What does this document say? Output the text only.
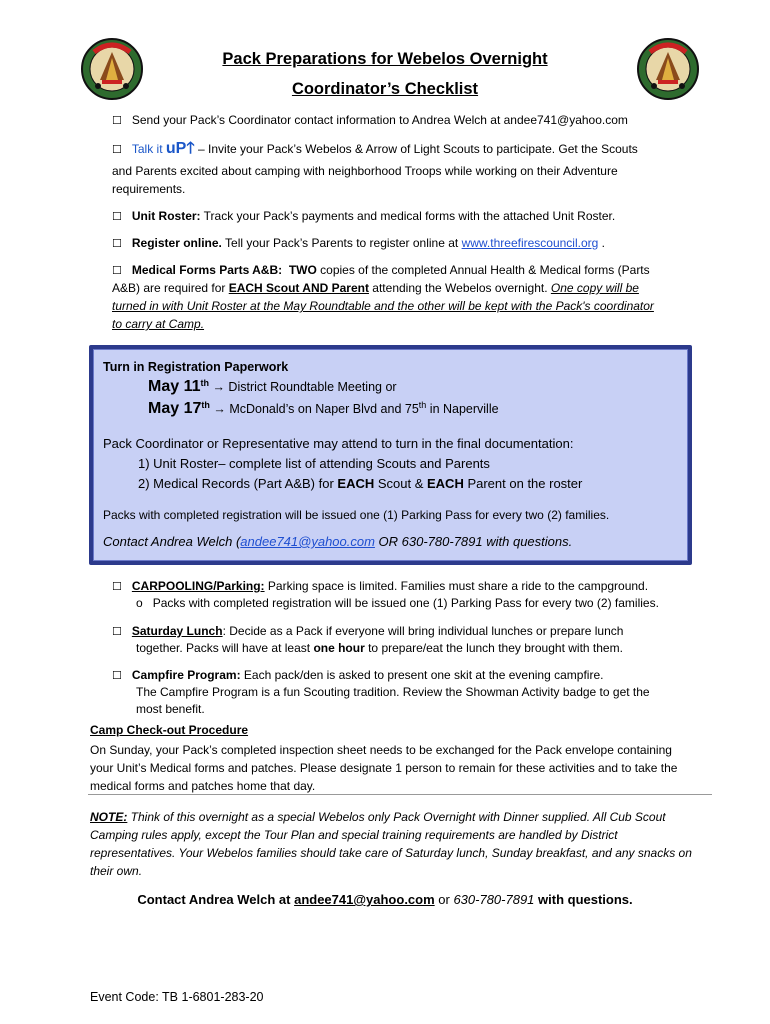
Pack Preparations for Webelos Overnight
Coordinator’s Checklist
☐ Send your Pack’s Coordinator contact information to Andrea Welch at andee741@yahoo.com
☐ Talk it uP🡑 – Invite your Pack’s Webelos & Arrow of Light Scouts to participate. Get the Scouts
and Parents excited about camping with neighborhood Troops while working on their Adventure
requirements.
☐ Unit Roster: Track your Pack’s payments and medical forms with the attached Unit Roster.
☐ Register online. Tell your Pack’s Parents to register online at www.threefirescouncil.org .
☐ Medical Forms Parts A&B: TWO copies of the completed Annual Health & Medical forms (Parts
A&B) are required for EACH Scout AND Parent attending the Webelos overnight. One copy will be
turned in with Unit Roster at the May Roundtable and the other will be kept with the Pack's coordinator
to carry at Camp.
Turn in Registration Paperwork
May 11th → District Roundtable Meeting or
May 17th → McDonald’s on Naper Blvd and 75th in Naperville
Pack Coordinator or Representative may attend to turn in the final documentation:
1) Unit Roster– complete list of attending Scouts and Parents
2) Medical Records (Part A&B) for EACH Scout & EACH Parent on the roster
Packs with completed registration will be issued one (1) Parking Pass for every two (2) families.
Contact Andrea Welch (andee741@yahoo.com OR 630-780-7891 with questions.
☐ CARPOOLING/Parking: Parking space is limited. Families must share a ride to the campground.
o Packs with completed registration will be issued one (1) Parking Pass for every two (2) families.
☐ Saturday Lunch: Decide as a Pack if everyone will bring individual lunches or prepare lunch
together. Packs will have at least one hour to prepare/eat the lunch they brought with them.
☐ Campfire Program: Each pack/den is asked to present one skit at the evening campfire.
The Campfire Program is a fun Scouting tradition. Review the Showman Activity badge to get the
most benefit.
Camp Check-out Procedure
On Sunday, your Pack’s completed inspection sheet needs to be exchanged for the Pack envelope containing
your Unit’s Medical forms and patches. Please designate 1 person to remain for these activities and to take the
medical forms and patches home that day.
NOTE: Think of this overnight as a special Webelos only Pack Overnight with Dinner supplied. All Cub Scout
Camping rules apply, except the Tour Plan and special training requirements are handled by District
representatives. Your Webelos families should take care of Saturday lunch, Sunday breakfast, and any snacks on
their own.
Contact Andrea Welch at andee741@yahoo.com or 630-780-7891 with questions.
Event Code: TB 1-6801-283-20
